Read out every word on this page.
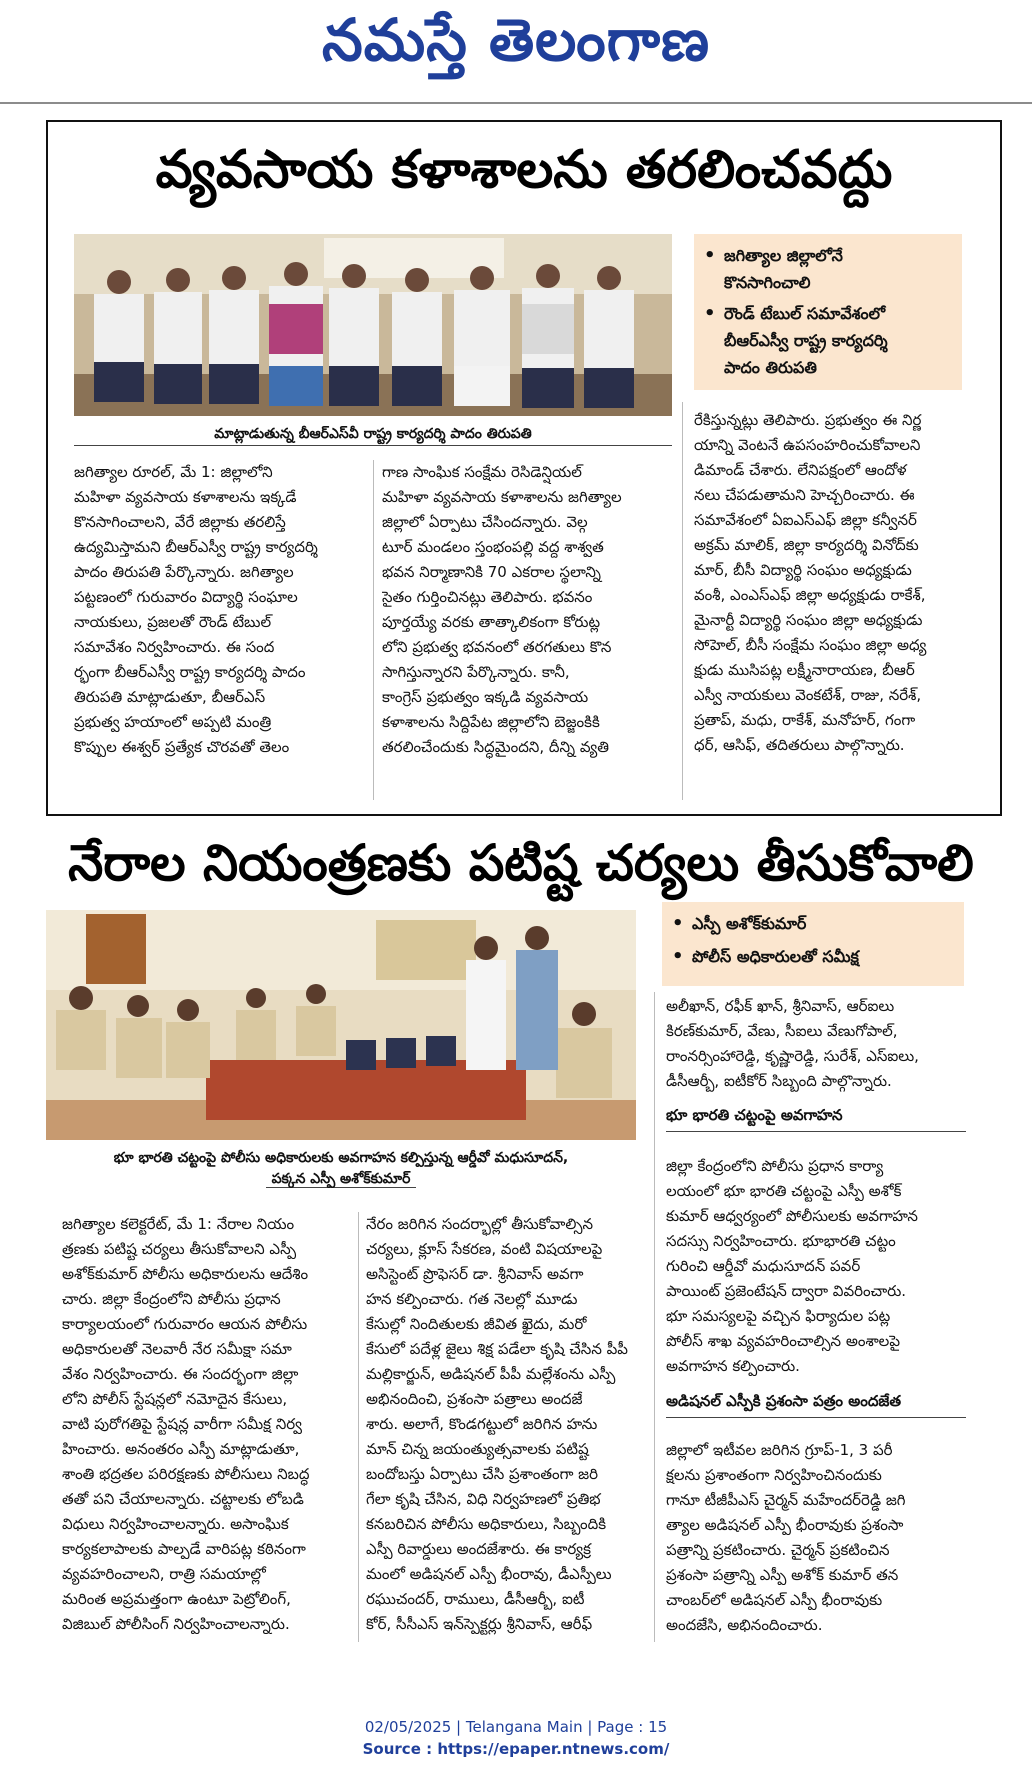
నమస్తే తెలంగాణ
వ్యవసాయ కళాశాలను తరలించవద్దు
మాట్లాడుతున్న బీఆర్‌ఎస్‌వీ రాష్ట్ర కార్యదర్శి పాదం తిరుపతి
• జగిత్యాల జిల్లాలోనే
కొనసాగించాలి
• రౌండ్ టేబుల్ సమావేశంలో
బీఆర్‌ఎస్వీ రాష్ట్ర కార్యదర్శి
పాదం తిరుపతి
జగిత్యాల రూరల్, మే 1: జిల్లాలోని
మహిళా వ్యవసాయ కళాశాలను ఇక్కడే
కొనసాగించాలని, వేరే జిల్లాకు తరలిస్తే
ఉద్యమిస్తామని బీఆర్‌ఎస్వీ రాష్ట్ర కార్యదర్శి
పాదం తిరుపతి పేర్కొన్నారు. జగిత్యాల
పట్టణంలో గురువారం విద్యార్థి సంఘాల
నాయకులు, ప్రజలతో రౌండ్ టేబుల్
సమావేశం నిర్వహించారు. ఈ సంద
ర్భంగా బీఆర్‌ఎస్వీ రాష్ట్ర కార్యదర్శి పాదం
తిరుపతి మాట్లాడుతూ, బీఆర్‌ఎస్
ప్రభుత్వ హయాంలో అప్పటి మంత్రి
కొప్పుల ఈశ్వర్ ప్రత్యేక చొరవతో తెలం
గాణ సాంఘిక సంక్షేమ రెసిడెన్షియల్
మహిళా వ్యవసాయ కళాశాలను జగిత్యాల
జిల్లాలో ఏర్పాటు చేసిందన్నారు. వెల్గ
టూర్ మండలం స్తంభంపల్లి వద్ద శాశ్వత
భవన నిర్మాణానికి 70 ఎకరాల స్థలాన్ని
సైతం గుర్తించినట్లు తెలిపారు. భవనం
పూర్తయ్యే వరకు తాత్కాలికంగా కోరుట్ల
లోని ప్రభుత్వ భవనంలో తరగతులు కొన
సాగిస్తున్నారని పేర్కొన్నారు. కానీ,
కాంగ్రెస్ ప్రభుత్వం ఇక్కడి వ్యవసాయ
కళాశాలను సిద్దిపేట జిల్లాలోని బెజ్జంకికి
తరలించేందుకు సిద్ధమైందని, దీన్ని వ్యతి
రేకిస్తున్నట్లు తెలిపారు. ప్రభుత్వం ఈ నిర్ణ
యాన్ని వెంటనే ఉపసంహరించుకోవాలని
డిమాండ్ చేశారు. లేనిపక్షంలో ఆందోళ
నలు చేపడుతామని హెచ్చరించారు. ఈ
సమావేశంలో ఏఐఎస్ఎఫ్ జిల్లా కన్వీనర్
అక్రమ్ మాలిక్, జిల్లా కార్యదర్శి వినోద్‌కు
మార్, బీసీ విద్యార్థి సంఘం అధ్యక్షుడు
వంశీ, ఎంఎస్ఎఫ్ జిల్లా అధ్యక్షుడు రాకేశ్,
మైనార్టీ విద్యార్థి సంఘం జిల్లా అధ్యక్షుడు
సోహెల్, బీసీ సంక్షేమ సంఘం జిల్లా అధ్య
క్షుడు ముసిపట్ల లక్ష్మీనారాయణ, బీఆర్
ఎస్వీ నాయకులు వెంకటేశ్, రాజు, నరేశ్,
ప్రతాప్, మధు, రాకేశ్, మనోహర్, గంగా
ధర్, ఆసిఫ్, తదితరులు పాల్గొన్నారు.
నేరాల నియంత్రణకు పటిష్ట చర్యలు తీసుకోవాలి
భూ భారతి చట్టంపై పోలీసు అధికారులకు అవగాహన కల్పిస్తున్న ఆర్డీవో మధుసూదన్,
పక్కన ఎస్పీ అశోక్‌కుమార్
• ఎస్పీ అశోక్‌కుమార్
• పోలీస్ అధికారులతో సమీక్ష
జగిత్యాల కలెక్టరేట్, మే 1: నేరాల నియం
త్రణకు పటిష్ట చర్యలు తీసుకోవాలని ఎస్పీ
అశోక్‌కుమార్ పోలీసు అధికారులను ఆదేశిం
చారు. జిల్లా కేంద్రంలోని పోలీసు ప్రధాన
కార్యాలయంలో గురువారం ఆయన పోలీసు
అధికారులతో నెలవారీ నేర సమీక్షా సమా
వేశం నిర్వహించారు. ఈ సందర్భంగా జిల్లా
లోని పోలీస్ స్టేషన్లలో నమోదైన కేసులు,
వాటి పురోగతిపై స్టేషన్ల వారీగా సమీక్ష నిర్వ
హించారు. అనంతరం ఎస్పీ మాట్లాడుతూ,
శాంతి భద్రతల పరిరక్షణకు పోలీసులు నిబద్ధ
తతో పని చేయాలన్నారు. చట్టాలకు లోబడి
విధులు నిర్వహించాలన్నారు. అసాంఘిక
కార్యకలాపాలకు పాల్పడే వారిపట్ల కఠినంగా
వ్యవహరించాలని, రాత్రి సమయాల్లో
మరింత అప్రమత్తంగా ఉంటూ పెట్రోలింగ్,
విజిబుల్ పోలీసింగ్ నిర్వహించాలన్నారు.
నేరం జరిగిన సందర్భాల్లో తీసుకోవాల్సిన
చర్యలు, క్లూస్ సేకరణ, వంటి విషయాలపై
అసిస్టెంట్ ప్రొఫెసర్ డా. శ్రీనివాస్ అవగా
హన కల్పించారు. గత నెలల్లో మూడు
కేసుల్లో నిందితులకు జీవిత ఖైదు, మరో
కేసులో పదేళ్ల జైలు శిక్ష పడేలా కృషి చేసిన పీపీ
మల్లికార్జున్, అడిషనల్ పీపీ మల్లేశంను ఎస్పీ
అభినందించి, ప్రశంసా పత్రాలు అందజే
శారు. అలాగే, కొండగట్టులో జరిగిన హను
మాన్ చిన్న జయంత్యుత్సవాలకు పటిష్ట
బందోబస్తు ఏర్పాటు చేసి ప్రశాంతంగా జరి
గేలా కృషి చేసిన, విధి నిర్వహణలో ప్రతిభ
కనబరిచిన పోలీసు అధికారులు, సిబ్బందికి
ఎస్పీ రివార్డులు అందజేశారు. ఈ కార్యక్ర
మంలో అడిషనల్ ఎస్పీ భీంరావు, డీఎస్పీలు
రఘుచందర్, రాములు, డీసీఆర్బీ, ఐటీ
కోర్, సీసీఎస్ ఇన్‌స్పెక్టర్లు శ్రీనివాస్, ఆరీఫ్
అలీఖాన్, రఫీక్ ఖాన్, శ్రీనివాస్, ఆర్ఐలు
కిరణ్‌కుమార్, వేణు, సీఐలు వేణుగోపాల్,
రాంనర్సింహారెడ్డి, కృష్ణారెడ్డి, సురేశ్, ఎస్ఐలు,
డీసీఆర్బీ, ఐటీకోర్ సిబ్బంది పాల్గొన్నారు.
భూ భారతి చట్టంపై అవగాహన
జిల్లా కేంద్రంలోని పోలీసు ప్రధాన కార్యా
లయంలో భూ భారతి చట్టంపై ఎస్పీ అశోక్
కుమార్ ఆధ్వర్యంలో పోలీసులకు అవగాహన
సదస్సు నిర్వహించారు. భూభారతి చట్టం
గురించి ఆర్డీవో మధుసూదన్ పవర్
పాయింట్ ప్రజెంటేషన్ ద్వారా వివరించారు.
భూ సమస్యలపై వచ్చిన ఫిర్యాదుల పట్ల
పోలీస్ శాఖ వ్యవహరించాల్సిన అంశాలపై
అవగాహన కల్పించారు.
అడిషనల్ ఎస్పీకి ప్రశంసా పత్రం అందజేత
జిల్లాలో ఇటీవల జరిగిన గ్రూప్-1, 3 పరీ
క్షలను ప్రశాంతంగా నిర్వహించినందుకు
గానూ టీజీపీఎస్ చైర్మన్ మహేందర్‌రెడ్డి జగి
త్యాల అడిషనల్ ఎస్పీ భీంరావుకు ప్రశంసా
పత్రాన్ని ప్రకటించారు. చైర్మన్ ప్రకటించిన
ప్రశంసా పత్రాన్ని ఎస్పీ అశోక్ కుమార్ తన
చాంబర్‌లో అడిషనల్ ఎస్పీ భీంరావుకు
అందజేసి, అభినందించారు.
02/05/2025 | Telangana Main | Page : 15
Source : https://epaper.ntnews.com/
